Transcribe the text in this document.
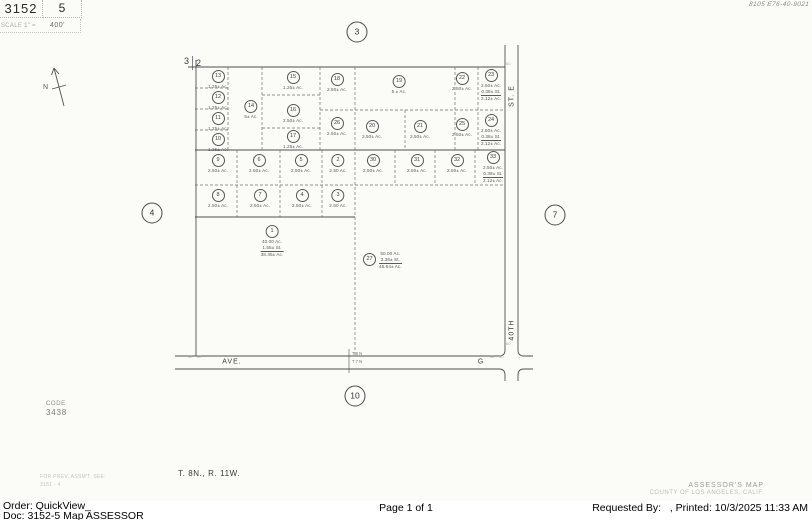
3152	5
SCALE 1" = 400'
8105 E76-40-9021
N
3 2
T 8 N
T 7 N
3
4	7
10
ST. E
40TH
AVE.	G
30 30	30 30
60
60
13
1.25± Ac.
12
1.25± Ac.
11
1.25± Ac.
10
1.25± Ac.
14
5± Ac.
15
1.25± Ac.
16
2.50± Ac.
17
1.25± Ac.
18
2.50± Ac.
26
2.50± Ac.
19
5 ± Ac.
20
2.50± Ac.
21
2.50± Ac.
22
2.50± Ac.
25
2.50± Ac.
23
2.50± Ac.
0.38± St.
2.12± Ac.
24
2.50± Ac.
0.38± St.
2.12± Ac.
9
2.50± Ac.
6
2.50± Ac.
5
2.50± Ac.
2
2.50 Ac.
30
2.50± Ac.
31
2.50± Ac.
32
2.50± Ac.
33
2.50± Ac.
0.38± St.
2.12± Ac.
8
2.50± Ac.
7
2.50± Ac.
4
2.50± Ac.
3
2.50 Ac.
1
40.00 Ac.
1.55± St.
38.45± Ac.
27
50.00 Ac.
3.36± St.
46.64± Ac.
CODE
3438
FOR PREV. ASSM'T. SEE:
3151 - 4
T. 8N., R. 11W.
ASSESSOR'S MAP
COUNTY OF LOS ANGELES, CALIF.
Order: QuickView_
Doc: 3152-5 Map ASSESSOR
Page 1 of 1	Requested By:   , Printed: 10/3/2025 11:33 AM
